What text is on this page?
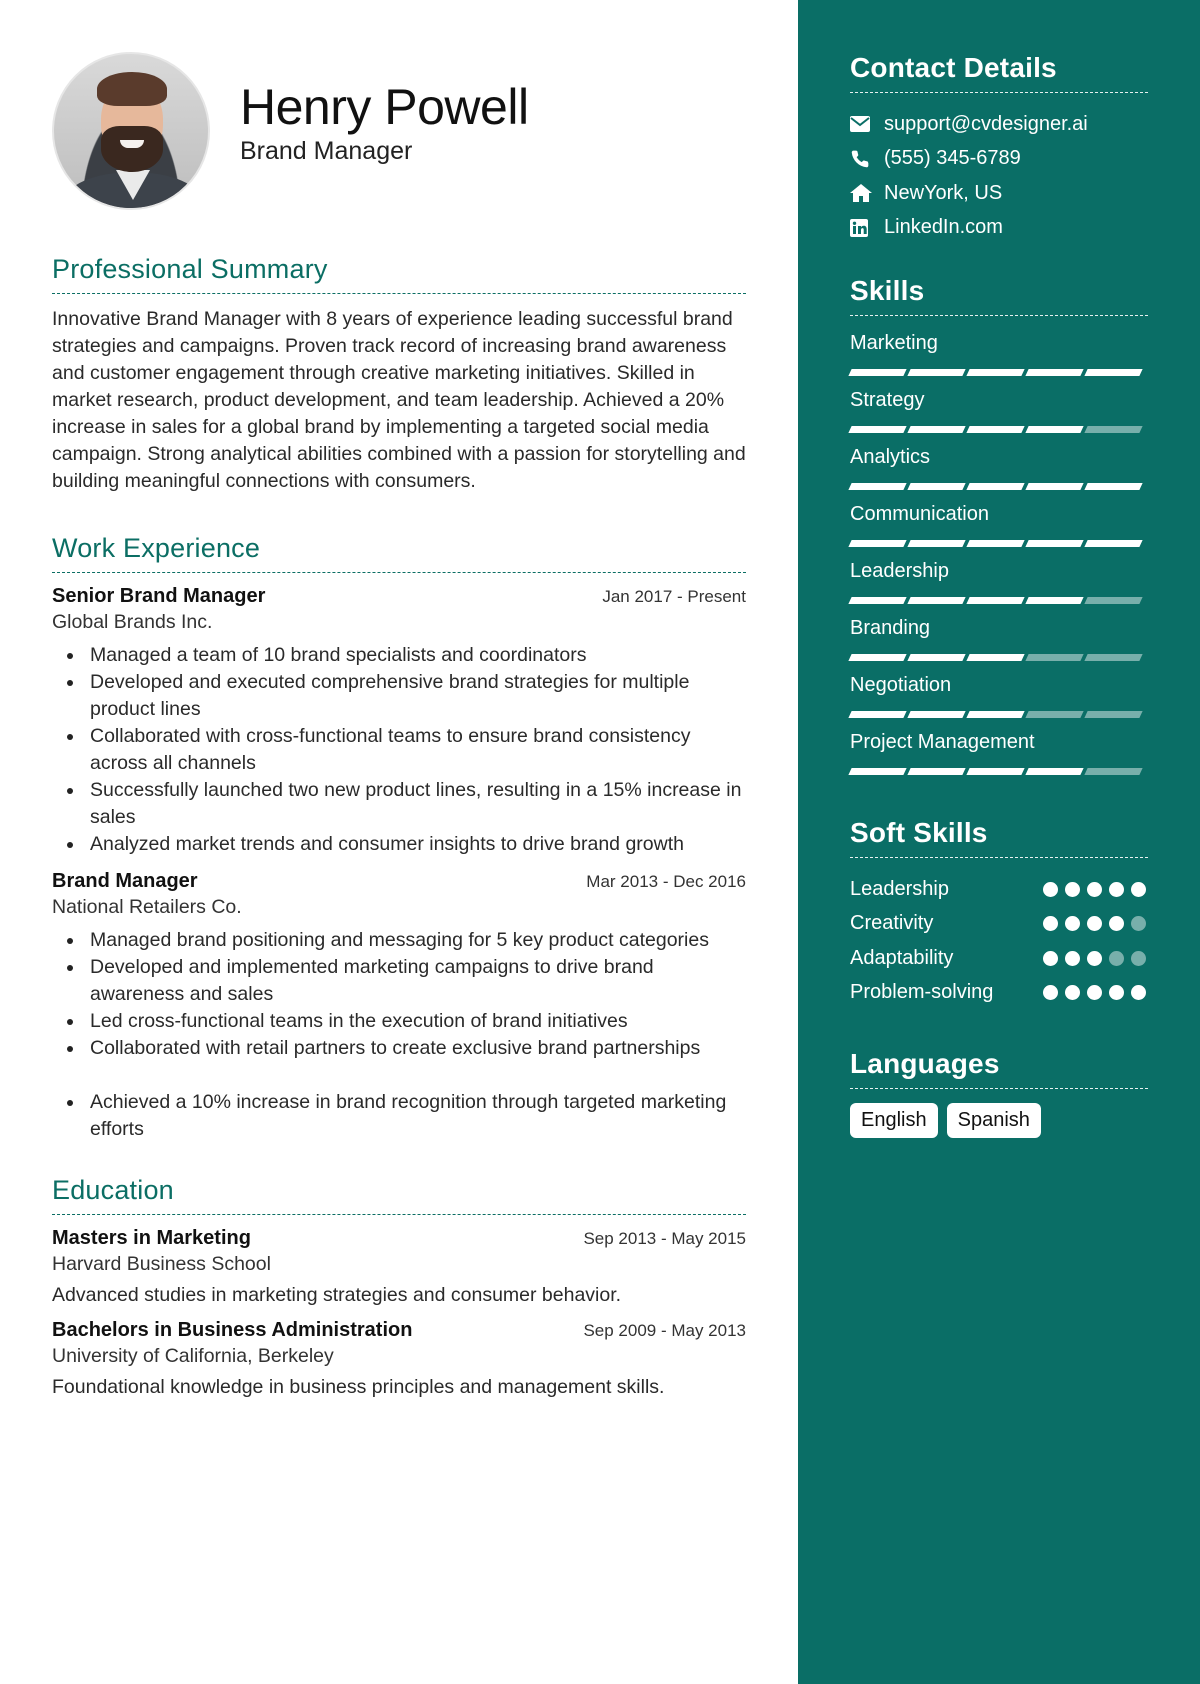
Henry Powell
Brand Manager
Professional Summary

Innovative Brand Manager with 8 years of experience leading successful brand strategies and campaigns. Proven track record of increasing brand awareness and customer engagement through creative marketing initiatives. Skilled in market research, product development, and team leadership. Achieved a 20% increase in sales for a global brand by implementing a targeted social media campaign. Strong analytical abilities combined with a passion for storytelling and building meaningful connections with consumers.

Work Experience
Senior Brand Manager	Jan 2017 - Present
Global Brands Inc.
Managed a team of 10 brand specialists and coordinators
Developed and executed comprehensive brand strategies for multiple product lines
Collaborated with cross-functional teams to ensure brand consistency across all channels
Successfully launched two new product lines, resulting in a 15% increase in sales
Analyzed market trends and consumer insights to drive brand growth
Brand Manager	Mar 2013 - Dec 2016
National Retailers Co.
Managed brand positioning and messaging for 5 key product categories
Developed and implemented marketing campaigns to drive brand awareness and sales
Led cross-functional teams in the execution of brand initiatives
Collaborated with retail partners to create exclusive brand partnerships
Achieved a 10% increase in brand recognition through targeted marketing efforts
Education
Masters in Marketing	Sep 2013 - May 2015
Harvard Business School
Advanced studies in marketing strategies and consumer behavior.
Bachelors in Business Administration	Sep 2009 - May 2013
University of California, Berkeley
Foundational knowledge in business principles and management skills.
Contact Details
support@cvdesigner.ai
(555) 345-6789
NewYork, US
LinkedIn.com
Skills
Marketing
Strategy
Analytics
Communication
Leadership
Branding
Negotiation
Project Management
Soft Skills
Leadership
Creativity
Adaptability
Problem-solving
Languages
English	Spanish
